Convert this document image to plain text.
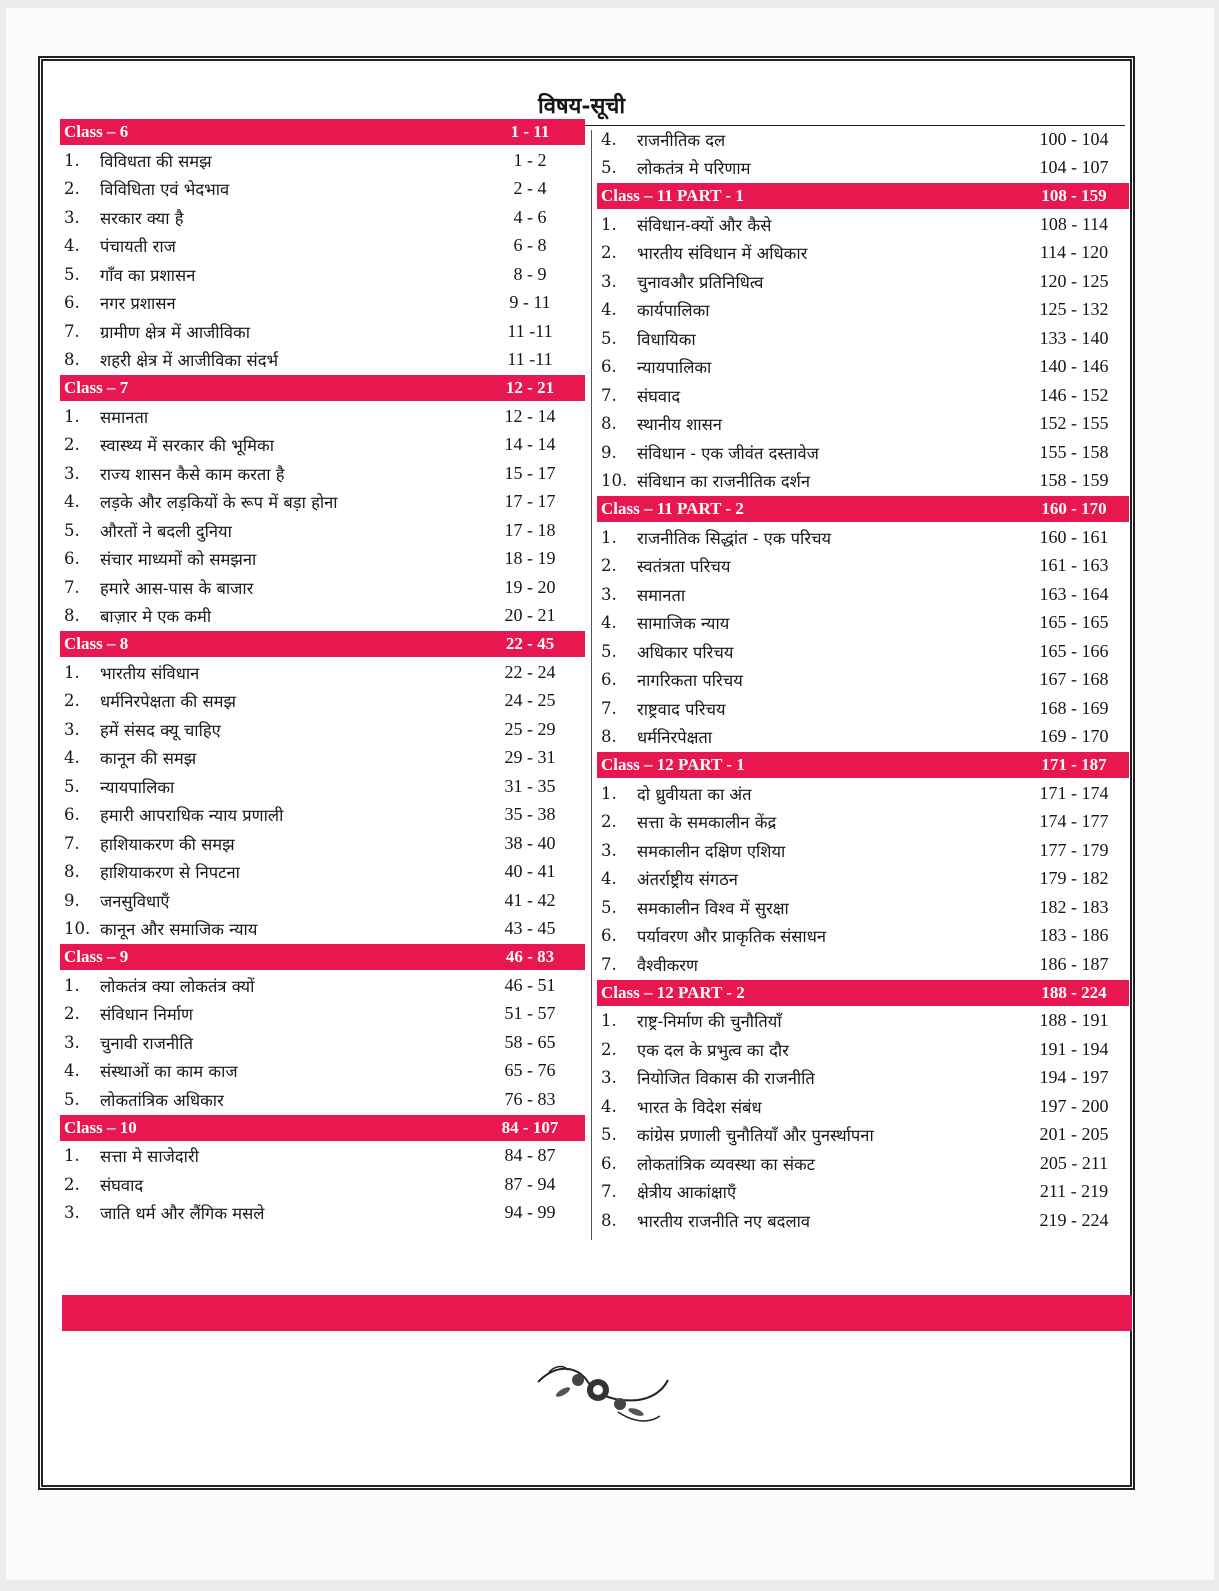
विषय-सूची
Class – 6	1 - 11
1.	विविधता की समझ	1 - 2
2.	विविधिता एवं भेदभाव	2 - 4
3.	सरकार क्या है	4 - 6
4.	पंचायती राज	6 - 8
5.	गाँव का प्रशासन	8 - 9
6.	नगर प्रशासन	9 - 11
7.	ग्रामीण क्षेत्र में आजीविका	11 -11
8.	शहरी क्षेत्र में आजीविका संदर्भ	11 -11
Class – 7	12 - 21
1.	समानता	12 - 14
2.	स्वास्थ्य में सरकार की भूमिका	14 - 14
3.	राज्य शासन कैसे काम करता है	15 - 17
4.	लड़के और लड़कियों के रूप में बड़ा होना	17 - 17
5.	औरतों ने बदली दुनिया	17 - 18
6.	संचार माध्यमों को समझना	18 - 19
7.	हमारे आस-पास के बाजार	19 - 20
8.	बाज़ार मे एक कमी	20 - 21
Class – 8	22 - 45
1.	भारतीय संविधान	22 - 24
2.	धर्मनिरपेक्षता की समझ	24 - 25
3.	हमें संसद क्यू चाहिए	25 - 29
4.	कानून की समझ	29 - 31
5.	न्यायपालिका	31 - 35
6.	हमारी आपराधिक न्याय प्रणाली	35 - 38
7.	हाशियाकरण की समझ	38 - 40
8.	हाशियाकरण से निपटना	40 - 41
9.	जनसुविधाएँ	41 - 42
10. कानून और समाजिक न्याय	43 - 45
Class – 9	46 - 83
1.	लोकतंत्र क्या लोकतंत्र क्यों	46 - 51
2.	संविधान निर्माण	51 - 57
3.	चुनावी राजनीति	58 - 65
4.	संस्थाओं का काम काज	65 - 76
5.	लोकतांत्रिक अधिकार	76 - 83
Class – 10	84 - 107
1.	सत्ता मे साजेदारी	84 - 87
2.	संघवाद	87 - 94
3.	जाति धर्म और लैंगिक मसले	94 - 99
4.	राजनीतिक दल	100 - 104
5.	लोकतंत्र मे परिणाम	104 - 107
Class – 11 PART - 1	108 - 159
1.	संविधान-क्यों और कैसे	108 - 114
2.	भारतीय संविधान में अधिकार	114 - 120
3.	चुनावऔर प्रतिनिधित्व	120 - 125
4.	कार्यपालिका	125 - 132
5.	विधायिका	133 - 140
6.	न्यायपालिका	140 - 146
7.	संघवाद	146 - 152
8.	स्थानीय शासन	152 - 155
9.	संविधान - एक जीवंत दस्तावेज	155 - 158
10. संविधान का राजनीतिक दर्शन	158 - 159
Class – 11 PART - 2	160 - 170
1.	राजनीतिक सिद्धांत - एक परिचय	160 - 161
2.	स्वतंत्रता परिचय	161 - 163
3.	समानता	163 - 164
4.	सामाजिक न्याय	165 - 165
5.	अधिकार परिचय	165 - 166
6.	नागरिकता परिचय	167 - 168
7.	राष्ट्रवाद परिचय	168 - 169
8.	धर्मनिरपेक्षता	169 - 170
Class – 12 PART - 1	171 - 187
1.	दो ध्रुवीयता का अंत	171 - 174
2.	सत्ता के समकालीन केंद्र	174 - 177
3.	समकालीन दक्षिण एशिया	177 - 179
4.	अंतर्राष्ट्रीय संगठन	179 - 182
5.	समकालीन विश्व में सुरक्षा	182 - 183
6.	पर्यावरण और प्राकृतिक संसाधन	183 - 186
7.	वैश्वीकरण	186 - 187
Class – 12 PART - 2	188 - 224
1.	राष्ट्र-निर्माण की चुनौतियाँ	188 - 191
2.	एक दल के प्रभुत्व का दौर	191 - 194
3.	नियोजित विकास की राजनीति	194 - 197
4.	भारत के विदेश संबंध	197 - 200
5.	कांग्रेस प्रणाली चुनौतियाँ और पुनर्स्थापना	201 - 205
6.	लोकतांत्रिक व्यवस्था का संकट	205 - 211
7.	क्षेत्रीय आकांक्षाएँ	211 - 219
8.	भारतीय राजनीति नए बदलाव	219 - 224
